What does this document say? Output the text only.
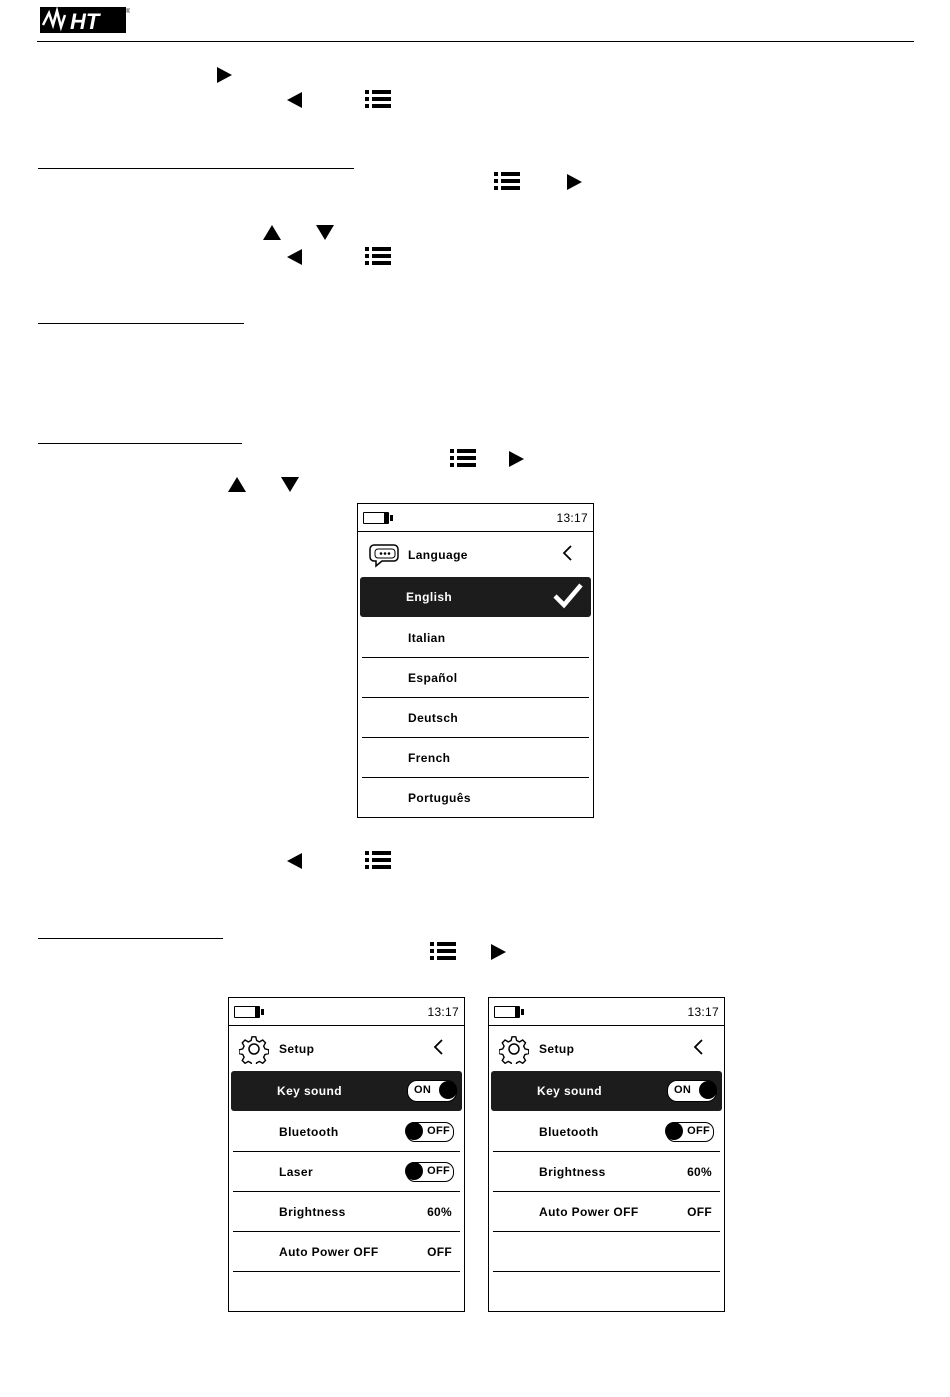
HT	®
13:17
Language
English
Italian
Español
Deutsch
French
Português
13:17
Setup
Key sound	ON
Bluetooth	OFF
Laser	OFF
Brightness	60%
Auto Power OFF	OFF
13:17
Setup
Key sound	ON
Bluetooth	OFF
Brightness	60%
Auto Power OFF	OFF
